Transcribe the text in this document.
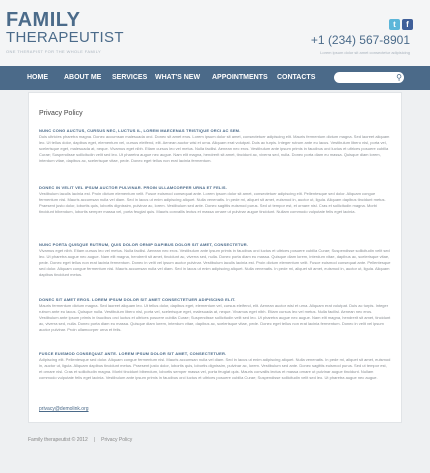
FAMILY
THERAPEUTIST
ONE THERAPIST FOR THE WHOLE FAMILY
t	f
+1 (234) 567-8901
Lorem ipsum dolor sit amet consectetur adipisicing
HOME ABOUT ME SERVICES WHAT'S NEW APPOINTMENTS CONTACTS	⚲
Privacy Policy
NUNC CONG AUCTUS, CURSUS NEC, LUCTUS IL, LOREM MAECENAS TRISTIQUE ORCI AC SEM.
Duis ultricies pharetra magna. Donec accumsan malesuada orci. Donec sit amet eros. Lorem ipsum dolor sit amet, consectetuer adipiscing elit. Mauris fermentum dictum magna. Sed laoreet aliquam leo. Ut tellus dolor, dapibus eget, elementum vel, cursus eleifend, elit. Aenean auctor wisi et urna. Aliquam erat volutpat. Duis ac turpis. Integer rutrum ante eu lacus. Vestibulum libero nisl, porta vel, scelerisque eget, malesuada at, neque. Vivamus eget nibh. Etiam cursus leo vel metus. Nulla facilisi. Aenean nec eros. Vestibulum ante ipsum primis in faucibus orci luctus et ultrices posuere cubilia Curae; Suspendisse sollicitudin velit sed leo. Ut pharetra augue nec augue. Nam elit magna, hendrerit sit amet, tincidunt ac, viverra sed, nulla. Donec porta diam eu massa. Quisque diam lorem, interdum vitae, dapibus ac, scelerisque vitae, pede. Donec eget tellus non erat lacinia fermentum.
DONEC IN VELIT VEL IPSUM AUCTOR PULVINAR. PROIN ULLAMCORPER URNA ET FELIS.
Vestibulum iaculis lacinia est. Proin dictum elementum velit. Fusce euismod consequat ante. Lorem ipsum dolor sit amet, consectetuer adipiscing elit. Pellentesque sed dolor. Aliquam congue fermentum nisl. Mauris accumsan nulla vel diam. Sed in lacus ut enim adipiscing aliquet. Nulla venenatis. In pede mi, aliquet sit amet, euismod in, auctor ut, ligula. Aliquam dapibus tincidunt metus. Praesent justo dolor, lobortis quis, lobortis dignissim, pulvinar ac, lorem. Vestibulum sed ante. Donec sagittis euismod purus. Sed ut tempor est, et ornare nisl. Cras et sollicitudin magna. Morbi tincidunt bibendum, lobortis semper massa vel, porta feugiat quis. Mauris convallis lectus et massa ornare ut pulvinar augue tincidunt. Nullam commodo vulputate felis eget lacinia.
NUNC PORTA QUISQUE RUTRUM, QUIS DOLOR ORNIP DAPIBUS DOLOR SIT AMET, CONSECTETUR.
Vivamus eget nibh. Etiam cursus leo vel metus. Nulla facilisi. Aenean nec eros. Vestibulum ante ipsum primis in faucibus orci luctus et ultrices posuere cubilia Curae; Suspendisse sollicitudin velit sed leo. Ut pharetra augue nec augue. Nam elit magna, hendrerit sit amet, tincidunt ac, viverra sed, nulla. Donec porta diam eu massa. Quisque diam lorem, interdum vitae, dapibus ac, scelerisque vitae, pede. Donec eget tellus non erat lacinia fermentum. Donec in velit vel ipsum auctor pulvinar. Vestibulum iaculis lacinia est. Proin dictum elementum velit. Fusce euismod consequat ante. Pellentesque sed dolor. Aliquam congue fermentum nisl. Mauris accumsan nulla vel diam. Sed in lacus ut enim adipiscing aliquet. Nulla venenatis. In pede mi, aliquet sit amet, euismod in, auctor ut, ligula. Aliquam dapibus tincidunt metus.
DONEC SIT AMET EROS. LOREM IPSUM DOLOR SIT AMET CONSECTETUER ADIPISCING ELIT.
Mauris fermentum dictum magna. Sed laoreet aliquam leo. Ut tellus dolor, dapibus eget, elementum vel, cursus eleifend, elit. Aenean auctor wisi et urna. Aliquam erat volutpat. Duis ac turpis. Integer rutrum ante eu lacus. Quisque nulla. Vestibulum libero nisl, porta vel, scelerisque eget, malesuada at, neque. Vivamus eget nibh. Etiam cursus leo vel metus. Nulla facilisi. Aenean nec eros. Vestibulum ante ipsum primis in faucibus orci luctus et ultrices posuere cubilia Curae; Suspendisse sollicitudin velit sed leo. Ut pharetra augue nec augue. Nam elit magna, hendrerit sit amet, tincidunt ac, viverra sed, nulla. Donec porta diam eu massa. Quisque diam lorem, interdum vitae, dapibus ac, scelerisque vitae, pede. Donec eget tellus non erat lacinia fermentum. Donec in velit vel ipsum auctor pulvinar. Proin ullamcorper urna et felis.
FUSCE EUISMOD CONSEQUAT ANTE. LOREM IPSUM DOLOR SIT AMET, CONSECTETUER.
Adipiscing elit. Pellentesque sed dolor. Aliquam congue fermentum nisl. Mauris accumsan nulla vel diam. Sed in lacus ut enim adipiscing aliquet. Nulla venenatis. In pede mi, aliquet sit amet, euismod in, auctor ut, ligula. Aliquam dapibus tincidunt metus. Praesent justo dolor, lobortis quis, lobortis dignissim, pulvinar ac, lorem. Vestibulum sed ante. Donec sagittis euismod purus. Sed ut tempor est, et ornare nisl. Cras et sollicitudin magna. Morbi tincidunt bibendum, lobortis semper massa vel, porta feugiat quis. Mauris convallis lectus et massa ornare ut pulvinar augue tincidunt. Nullam commodo vulputate felis eget lacinia. Vestibulum ante ipsum primis in faucibus orci luctus et ultrices posuere cubilia Curae; Suspendisse sollicitudin velit sed leo. Ut pharetra augue nec augue.
privacy@demolink.org
Family therapeutist © 2012 | Privacy Policy
